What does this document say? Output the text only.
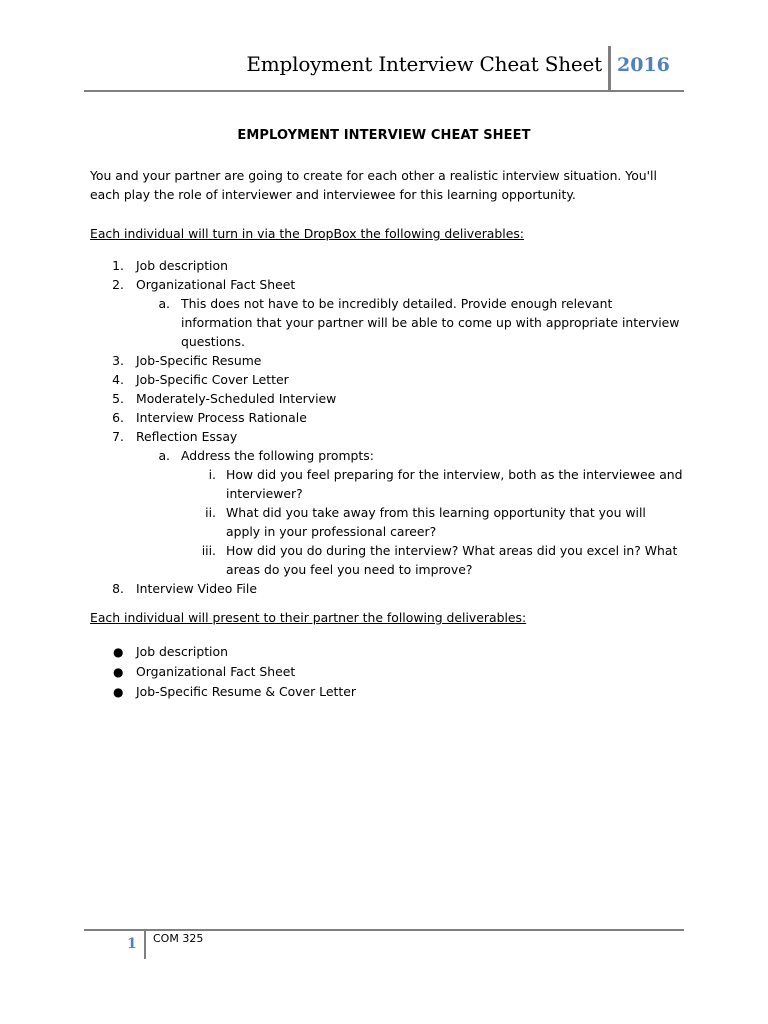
Employment Interview Cheat Sheet 2016
EMPLOYMENT INTERVIEW CHEAT SHEET
You and your partner are going to create for each other a realistic interview situation. You'll
each play the role of interviewer and interviewee for this learning opportunity.
Each individual will turn in via the DropBox the following deliverables:
1. Job description
2. Organizational Fact Sheet
a. This does not have to be incredibly detailed. Provide enough relevant
information that your partner will be able to come up with appropriate interview
questions.
3. Job-Specific Resume
4. Job-Specific Cover Letter
5. Moderately-Scheduled Interview
6. Interview Process Rationale
7. Reflection Essay
a. Address the following prompts:
i. How did you feel preparing for the interview, both as the interviewee and
interviewer?
ii. What did you take away from this learning opportunity that you will
apply in your professional career?
iii. How did you do during the interview? What areas did you excel in? What
areas do you feel you need to improve?
8. Interview Video File
Each individual will present to their partner the following deliverables:
● Job description
● Organizational Fact Sheet
● Job-Specific Resume & Cover Letter
1 COM 325
